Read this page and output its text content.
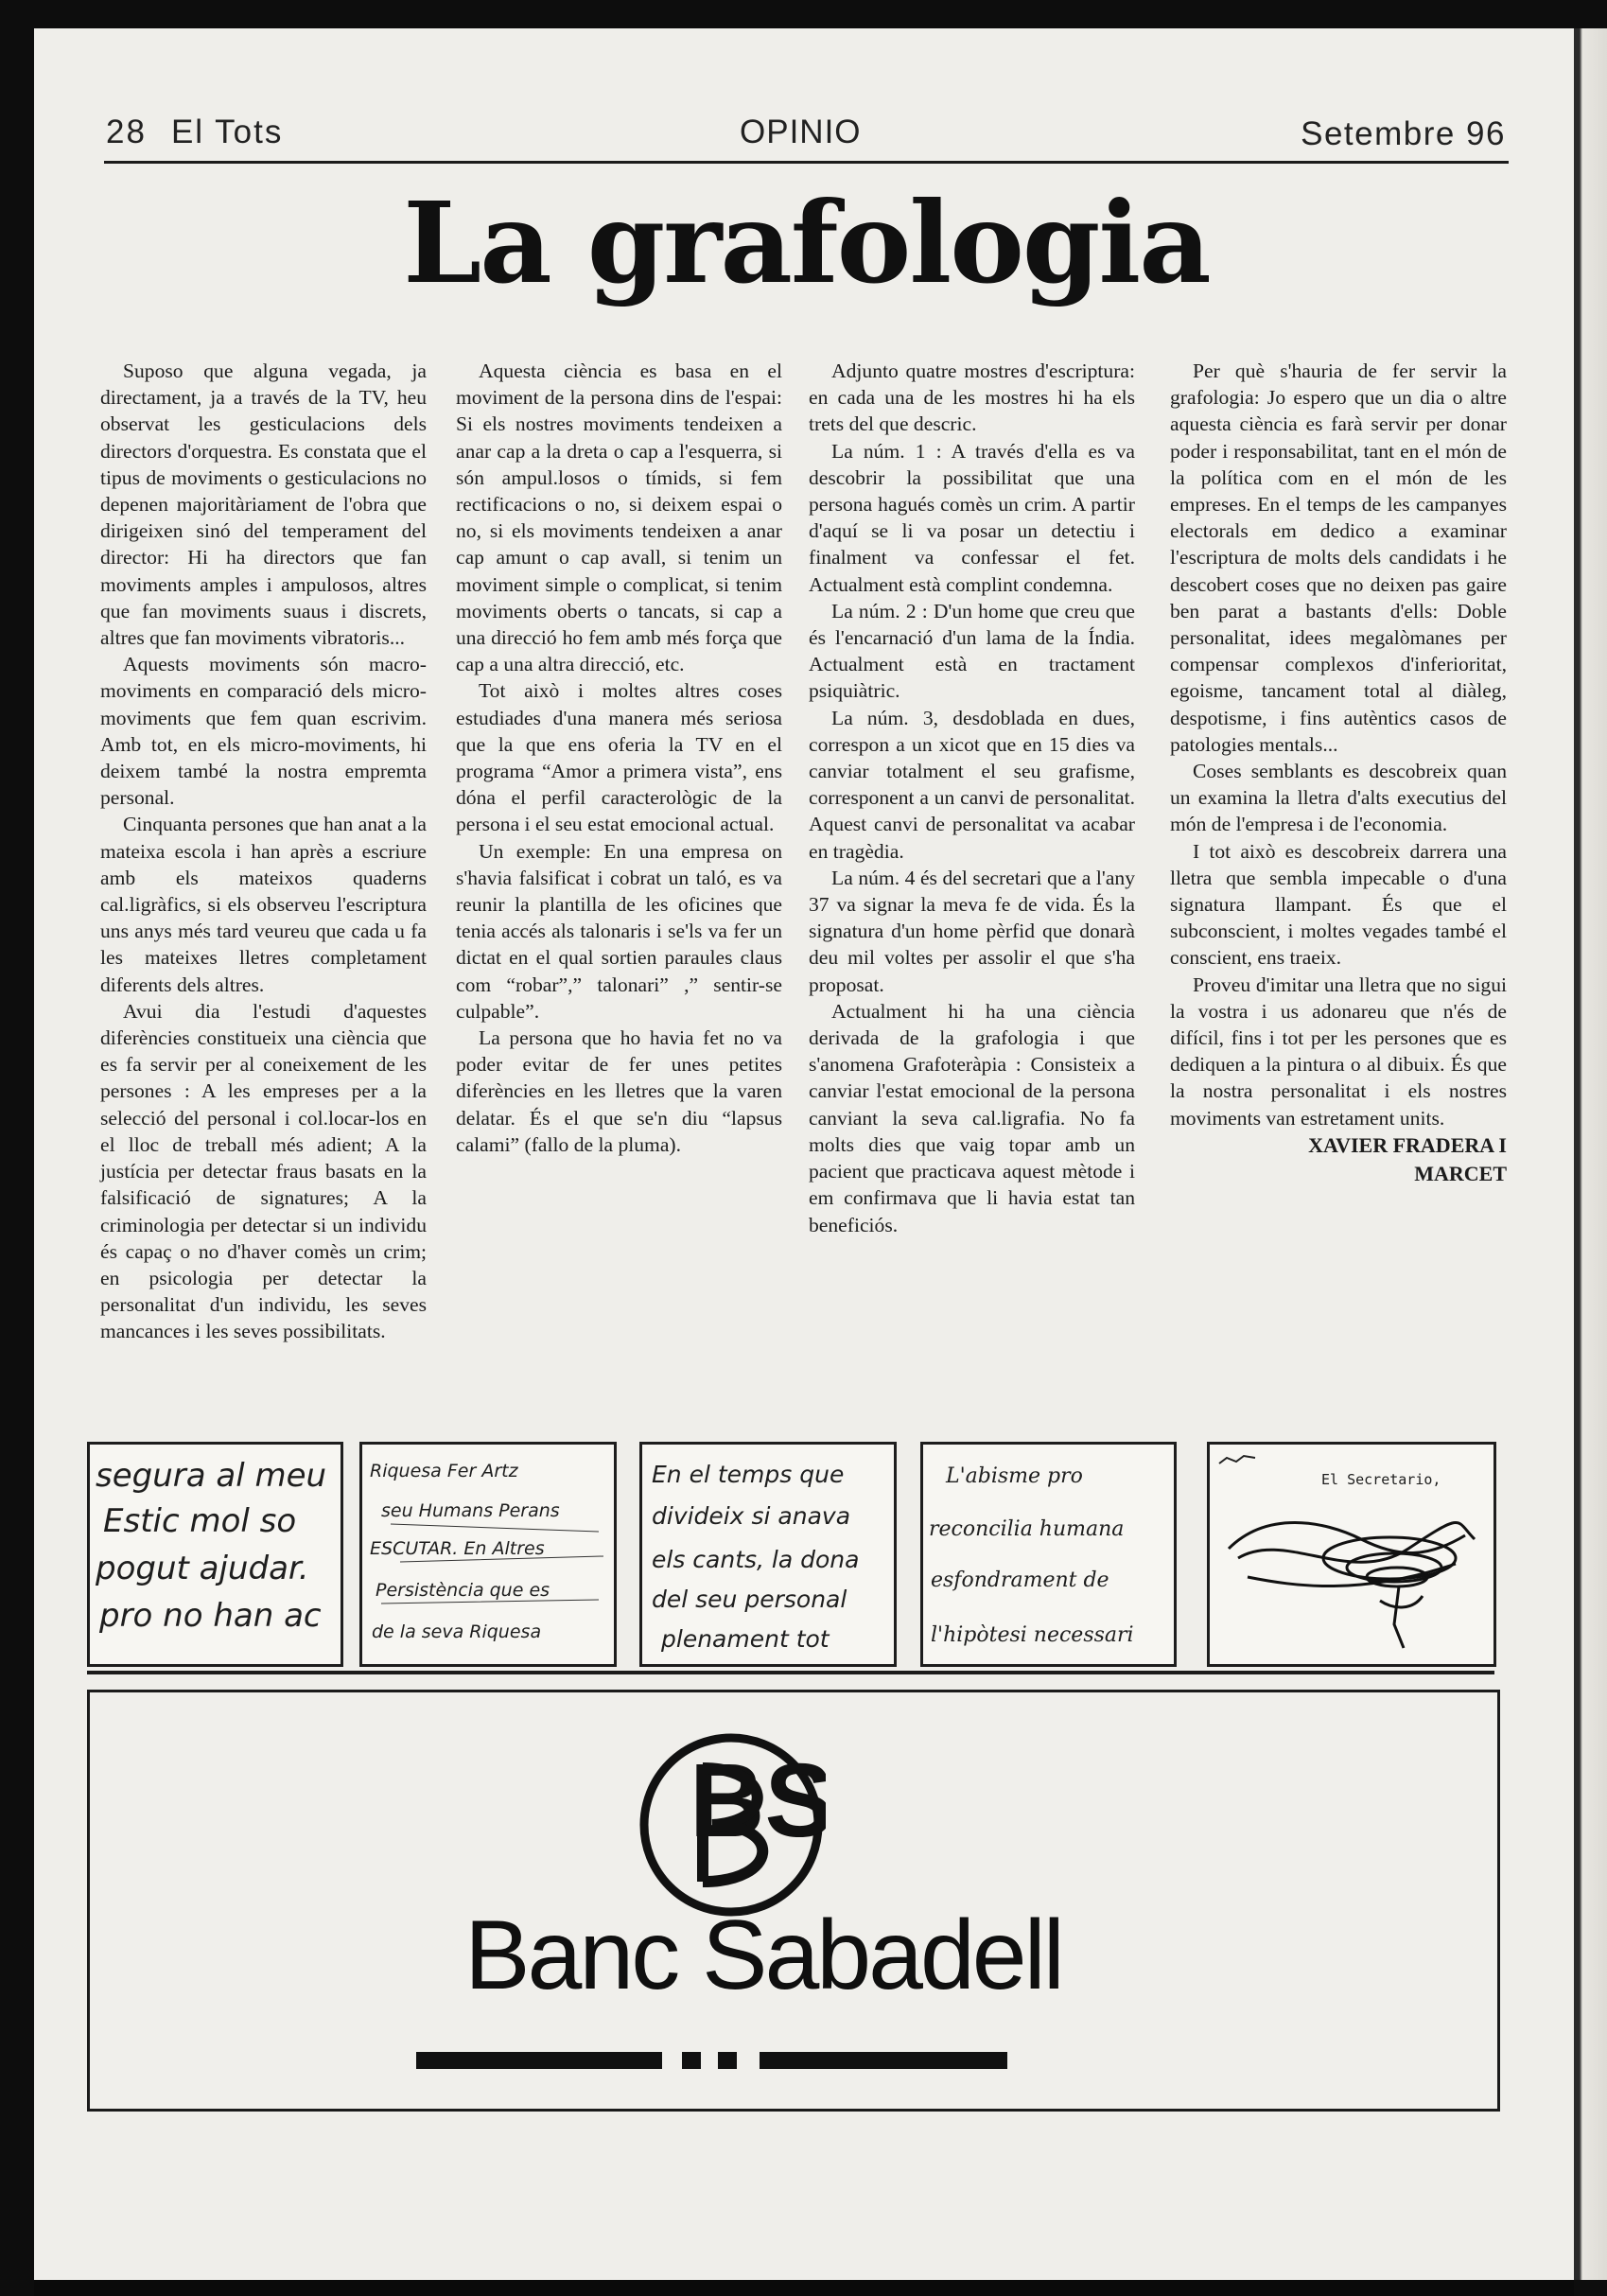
28 El Tots	OPINIO	Setembre 96
La grafologia

Suposo que alguna vegada, ja directament, ja a través de la TV, heu observat les gesticulacions dels directors d'orquestra. Es constata que el tipus de moviments o gesticulacions no depenen majoritàriament de l'obra que dirigeixen sinó del temperament del director: Hi ha directors que fan moviments amples i ampulosos, altres que fan moviments suaus i discrets, altres que fan moviments vibratoris...

Aquests moviments són macro-moviments en comparació dels micro-moviments que fem quan escrivim. Amb tot, en els micro-moviments, hi deixem també la nostra empremta personal.

Cinquanta persones que han anat a la mateixa escola i han après a escriure amb els mateixos quaderns cal.ligràfics, si els observeu l'escriptura uns anys més tard veureu que cada u fa les mateixes lletres completament diferents dels altres.

Avui dia l'estudi d'aquestes diferències constitueix una ciència que es fa servir per al coneixement de les persones : A les empreses per a la selecció del personal i col.locar-los en el lloc de treball més adient; A la justícia per detectar fraus basats en la falsificació de signatures; A la criminologia per detectar si un individu és capaç o no d'haver comès un crim; en psicologia per detectar la personalitat d'un individu, les seves mancances i les seves possibilitats.

Aquesta ciència es basa en el moviment de la persona dins de l'espai: Si els nostres moviments tendeixen a anar cap a la dreta o cap a l'esquerra, si són ampul.losos o tímids, si fem rectificacions o no, si deixem espai o no, si els moviments tendeixen a anar cap amunt o cap avall, si tenim un moviment simple o complicat, si tenim moviments oberts o tancats, si cap a una direcció ho fem amb més força que cap a una altra direcció, etc.

Tot això i moltes altres coses estudiades d'una manera més seriosa que la que ens oferia la TV en el programa “Amor a primera vista”, ens dóna el perfil caracterològic de la persona i el seu estat emocional actual.

Un exemple: En una empresa on s'havia falsificat i cobrat un taló, es va reunir la plantilla de les oficines que tenia accés als talonaris i se'ls va fer un dictat en el qual sortien paraules claus com “robar”,” talonari” ,” sentir-se culpable”.

La persona que ho havia fet no va poder evitar de fer unes petites diferències en les lletres que la varen delatar. És el que se'n diu “lapsus calami” (fallo de la pluma).

Adjunto quatre mostres d'escriptura: en cada una de les mostres hi ha els trets del que descric.

La núm. 1 : A través d'ella es va descobrir la possibilitat que una persona hagués comès un crim. A partir d'aquí se li va posar un detectiu i finalment va confessar el fet. Actualment està complint condemna.

La núm. 2 : D'un home que creu que és l'encarnació d'un lama de la Índia. Actualment està en tractament psiquiàtric.

La núm. 3, desdoblada en dues, correspon a un xicot que en 15 dies va canviar totalment el seu grafisme, corresponent a un canvi de personalitat. Aquest canvi de personalitat va acabar en tragèdia.

La núm. 4 és del secretari que a l'any 37 va signar la meva fe de vida. És la signatura d'un home pèrfid que donarà deu mil voltes per assolir el que s'ha proposat.

Actualment hi ha una ciència derivada de la grafologia i que s'anomena Grafoteràpia : Consisteix a canviar l'estat emocional de la persona canviant la seva cal.ligrafia. No fa molts dies que vaig topar amb un pacient que practicava aquest mètode i em confirmava que li havia estat tan beneficiós.

Per què s'hauria de fer servir la grafologia: Jo espero que un dia o altre aquesta ciència es farà servir per donar poder i responsabilitat, tant en el món de la política com en el món de les empreses. En el temps de les campanyes electorals em dedico a examinar l'escriptura de molts dels candidats i he descobert coses que no deixen pas gaire ben parat a bastants d'ells: Doble personalitat, idees megalòmanes per compensar complexos d'inferioritat, egoisme, tancament total al diàleg, despotisme, i fins autèntics casos de patologies mentals...

Coses semblants es descobreix quan un examina la lletra d'alts executius del món de l'empresa i de l'economia.

I tot això es descobreix darrera una lletra que sembla impecable o d'una signatura llampant. És que el subconscient, i moltes vegades també el conscient, ens traeix.

Proveu d'imitar una lletra que no sigui la vostra i us adonareu que n'és de difícil, fins i tot per les persones que es dediquen a la pintura o al dibuix. És que la nostra personalitat i els nostres moviments van estretament units.

XAVIER FRADERA I
MARCET

segura al meu
Estic mol so
pogut ajudar.
pro no han ac
Riquesa Fer Artz
seu Humans Perans
ESCUTAR. En Altres
Persistència que es
de la seva Riquesa
En el temps que
divideix si anava
els cants, la dona
del seu personal
plenament tot
L'abisme pro
reconcilia humana
esfondrament de
l'hipòtesi necessari
El Secretario,
BS
Banc Sabadell
